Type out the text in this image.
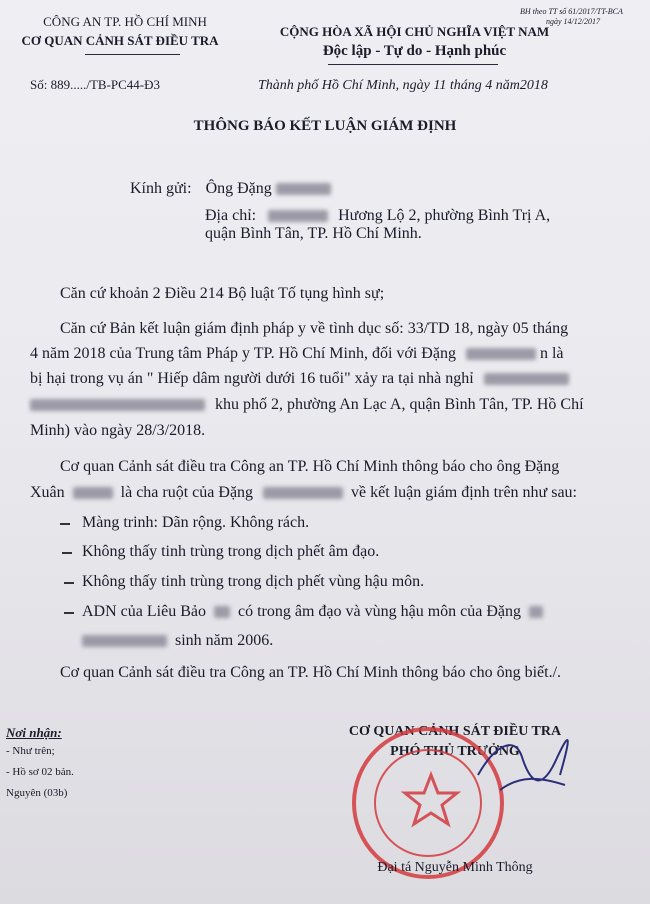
BH theo TT số 61/2017/TT-BCA
ngày 14/12/2017
CÔNG AN TP. HỒ CHÍ MINH
CƠ QUAN CẢNH SÁT ĐIỀU TRA
CỘNG HÒA XÃ HỘI CHỦ NGHĨA VIỆT NAM
Độc lập - Tự do - Hạnh phúc
Số: 889...../TB-PC44-Đ3	Thành phố Hồ Chí Minh, ngày 11 tháng 4 năm2018
THÔNG BÁO KẾT LUẬN GIÁM ĐỊNH
Kính gửi: Ông Đặng
Địa chỉ:	Hương Lộ 2, phường Bình Trị A,
quận Bình Tân, TP. Hồ Chí Minh.
Căn cứ khoản 2 Điều 214 Bộ luật Tố tụng hình sự;
Căn cứ Bản kết luận giám định pháp y về tình dục số: 33/TD 18, ngày 05 tháng
4 năm 2018 của Trung tâm Pháp y TP. Hồ Chí Minh, đối với Đặng	n là
bị hại trong vụ án " Hiếp dâm người dưới 16 tuổi" xảy ra tại nhà nghỉ
khu phố 2, phường An Lạc A, quận Bình Tân, TP. Hồ Chí
Minh) vào ngày 28/3/2018.
Cơ quan Cảnh sát điều tra Công an TP. Hồ Chí Minh thông báo cho ông Đặng
Xuân	là cha ruột của Đặng	về kết luận giám định trên như sau:
Màng trinh: Dãn rộng. Không rách.
Không thấy tinh trùng trong dịch phết âm đạo.
Không thấy tinh trùng trong dịch phết vùng hậu môn.
ADN của Liêu Bảo có trong âm đạo và vùng hậu môn của Đặng
sinh năm 2006.
Cơ quan Cảnh sát điều tra Công an TP. Hồ Chí Minh thông báo cho ông biết./.
Nơi nhận:
- Như trên;
- Hồ sơ 02 bản.
Nguyên (03b)
CƠ QUAN CẢNH SÁT ĐIỀU TRA
PHÓ THỦ TRƯỞNG
Đại tá Nguyễn Minh Thông
